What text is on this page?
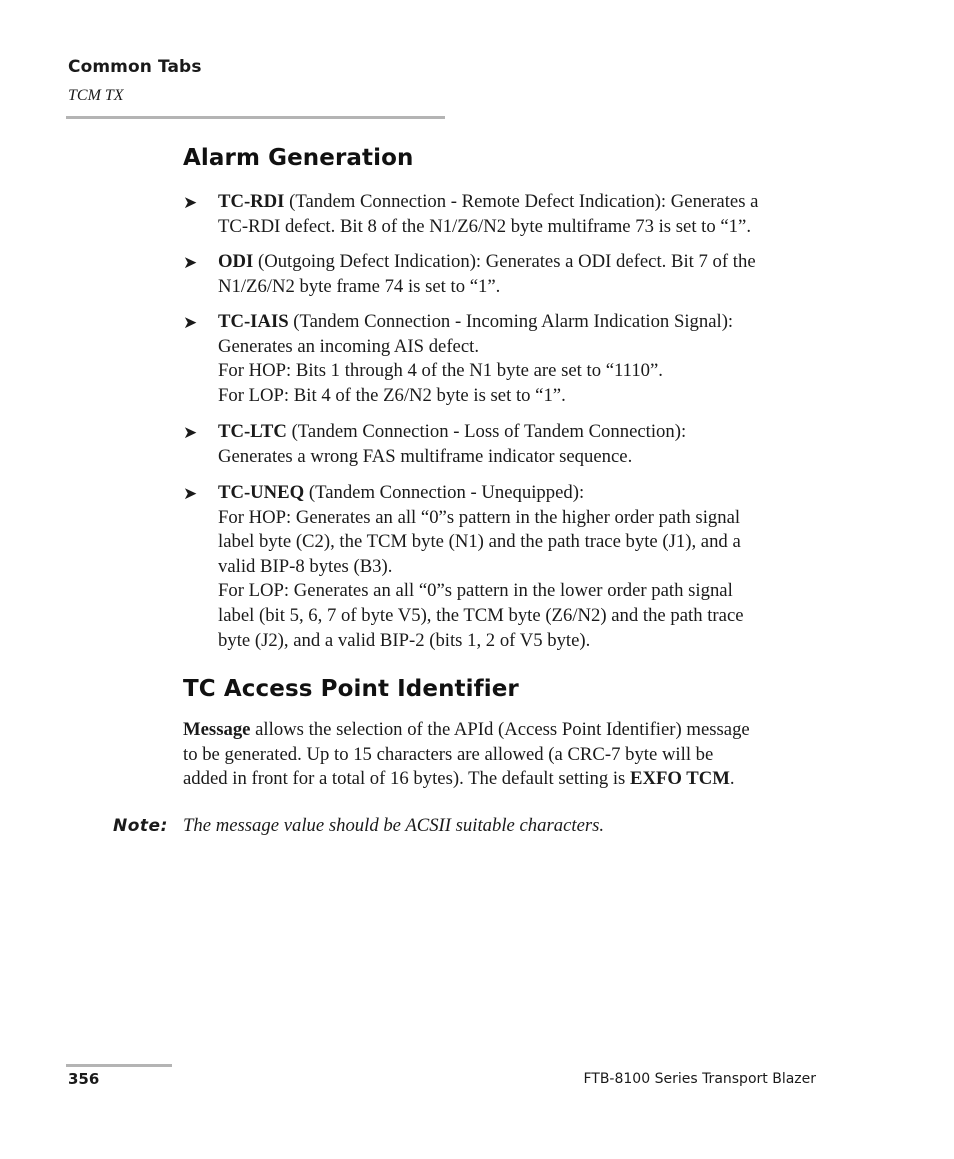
Common Tabs
TCM TX
Alarm Generation
➤	TC-RDI (Tandem Connection - Remote Defect Indication): Generates a
TC-RDI defect. Bit 8 of the N1/Z6/N2 byte multiframe 73 is set to “1”.
➤	ODI (Outgoing Defect Indication): Generates a ODI defect. Bit 7 of the
N1/Z6/N2 byte frame 74 is set to “1”.
➤	TC-IAIS (Tandem Connection - Incoming Alarm Indication Signal):
Generates an incoming AIS defect.
For HOP: Bits 1 through 4 of the N1 byte are set to “1110”.
For LOP: Bit 4 of the Z6/N2 byte is set to “1”.
➤	TC-LTC (Tandem Connection - Loss of Tandem Connection):
Generates a wrong FAS multiframe indicator sequence.
➤	TC-UNEQ (Tandem Connection - Unequipped):
For HOP: Generates an all “0”s pattern in the higher order path signal
label byte (C2), the TCM byte (N1) and the path trace byte (J1), and a
valid BIP-8 bytes (B3).
For LOP: Generates an all “0”s pattern in the lower order path signal
label (bit 5, 6, 7 of byte V5), the TCM byte (Z6/N2) and the path trace
byte (J2), and a valid BIP-2 (bits 1, 2 of V5 byte).
TC Access Point Identifier
Message allows the selection of the APId (Access Point Identifier) message
to be generated. Up to 15 characters are allowed (a CRC-7 byte will be
added in front for a total of 16 bytes). The default setting is EXFO TCM.
Note: The message value should be ACSII suitable characters.
356	FTB-8100 Series Transport Blazer
